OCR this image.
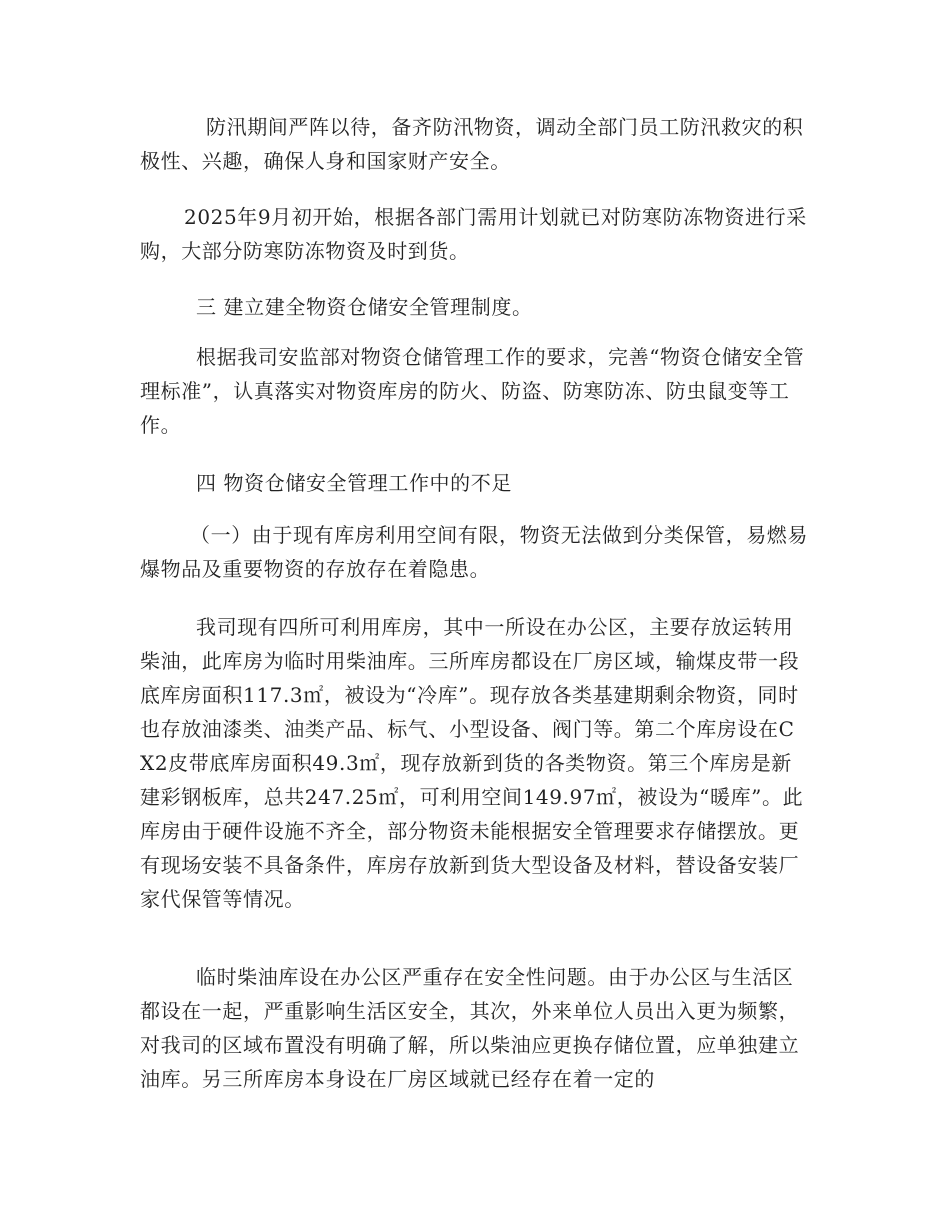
防汛期间严阵以待，备齐防汛物资，调动全部门员工防汛救灾的积极性、兴趣，确保人身和国家财产安全。

2025年9月初开始，根据各部门需用计划就已对防寒防冻物资进行采购，大部分防寒防冻物资及时到货。

三 建立建全物资仓储安全管理制度。

根据我司安监部对物资仓储管理工作的要求，完善“物资仓储安全管理标准”，认真落实对物资库房的防火、防盗、防寒防冻、防虫鼠变等工作。

四 物资仓储安全管理工作中的不足

（一）由于现有库房利用空间有限，物资无法做到分类保管，易燃易爆物品及重要物资的存放存在着隐患。

我司现有四所可利用库房，其中一所设在办公区，主要存放运转用柴油，此库房为临时用柴油库。三所库房都设在厂房区域，输煤皮带一段底库房面积117.3㎡，被设为“冷库”。现存放各类基建期剩余物资，同时也存放油漆类、油类产品、标气、小型设备、阀门等。第二个库房设在CX2皮带底库房面积49.3㎡，现存放新到货的各类物资。第三个库房是新建彩钢板库，总共247.25㎡，可利用空间149.97㎡，被设为“暖库”。此库房由于硬件设施不齐全，部分物资未能根据安全管理要求存储摆放。更有现场安装不具备条件，库房存放新到货大型设备及材料，替设备安装厂家代保管等情况。

临时柴油库设在办公区严重存在安全性问题。由于办公区与生活区都设在一起，严重影响生活区安全，其次，外来单位人员出入更为频繁，对我司的区域布置没有明确了解，所以柴油应更换存储位置，应单独建立油库。另三所库房本身设在厂房区域就已经存在着一定的
